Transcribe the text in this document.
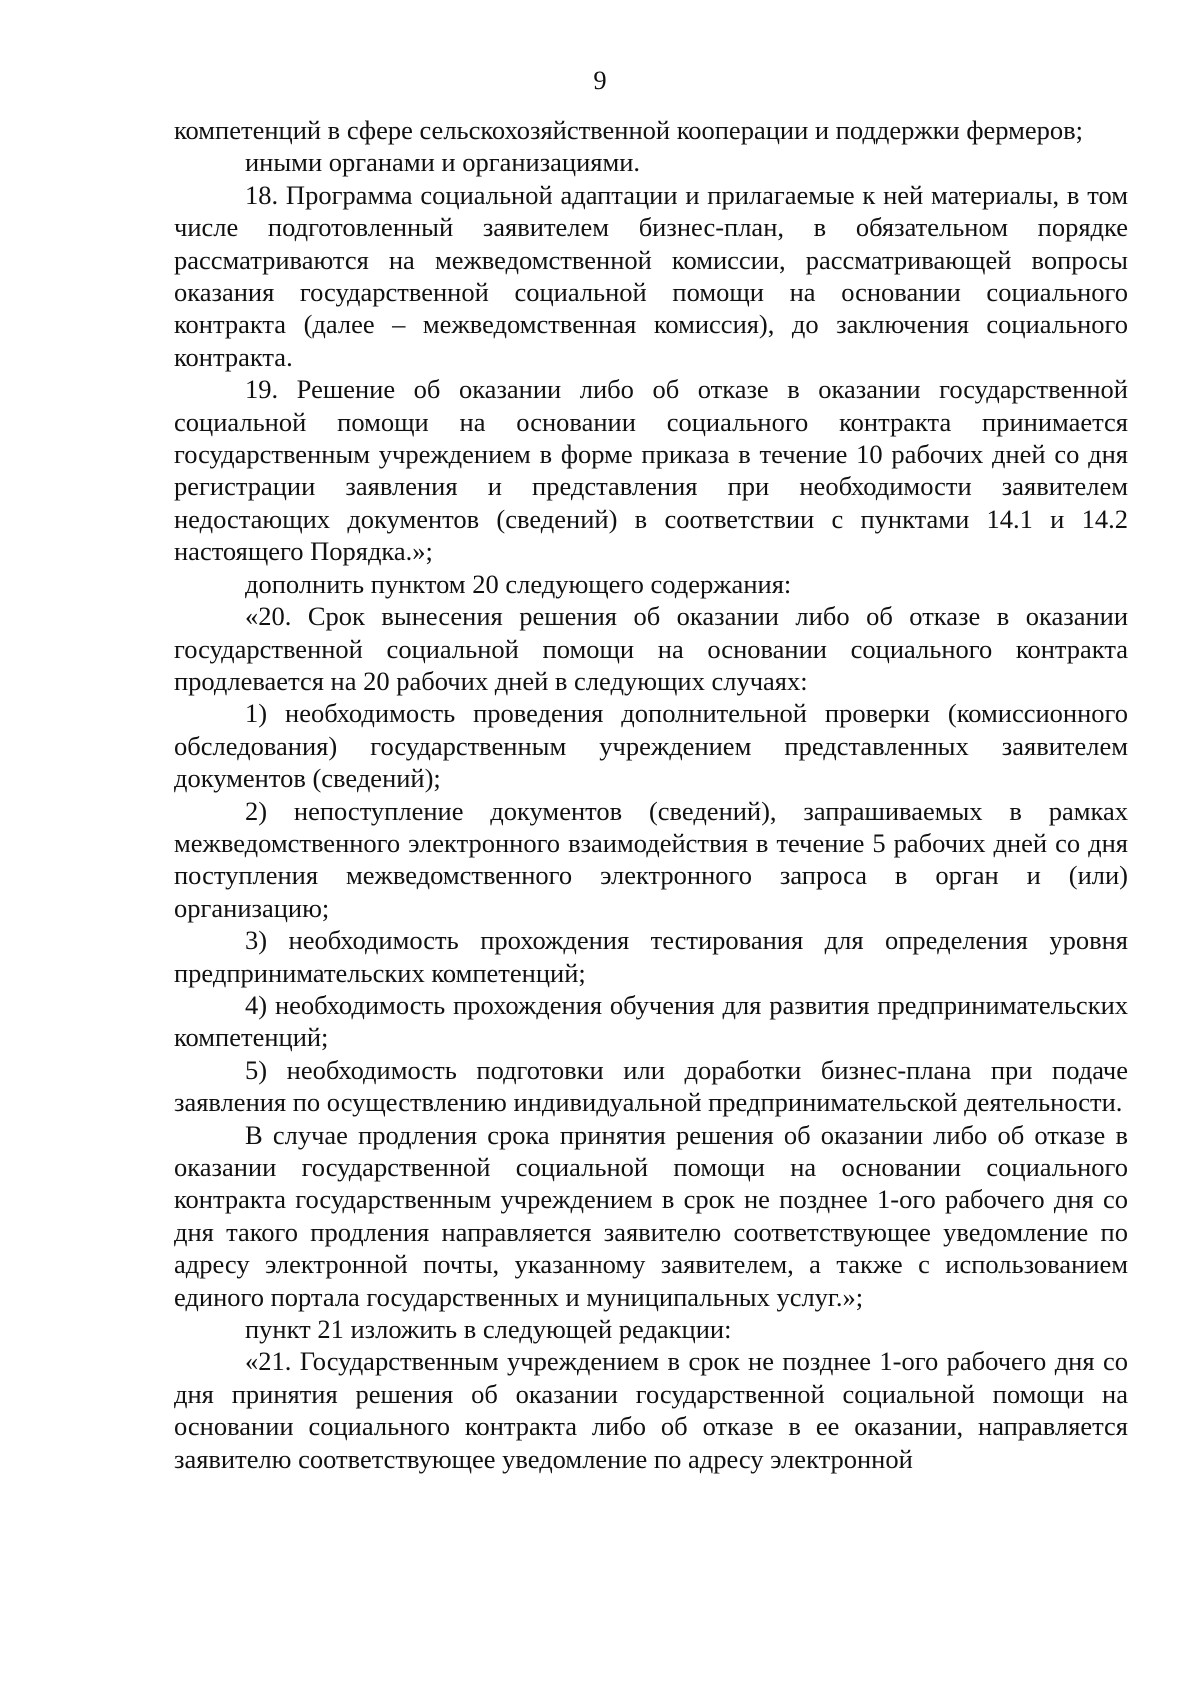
9

компетенций в сфере сельскохозяйственной кооперации и поддержки фермеров;

иными органами и организациями.

18. Программа социальной адаптации и прилагаемые к ней материалы, в том числе подготовленный заявителем бизнес-план, в обязательном порядке рассматриваются на межведомственной комиссии, рассматривающей вопросы оказания государственной социальной помощи на основании социального контракта (далее – межведомственная комиссия), до заключения социального контракта.

19. Решение об оказании либо об отказе в оказании государственной социальной помощи на основании социального контракта принимается государственным учреждением в форме приказа в течение 10 рабочих дней со дня регистрации заявления и представления при необходимости заявителем недостающих документов (сведений) в соответствии с пунктами 14.1 и 14.2 настоящего Порядка.»;

дополнить пунктом 20 следующего содержания:

«20. Срок вынесения решения об оказании либо об отказе в оказании государственной социальной помощи на основании социального контракта продлевается на 20 рабочих дней в следующих случаях:

1) необходимость проведения дополнительной проверки (комиссионного обследования) государственным учреждением представленных заявителем документов (сведений);

2) непоступление документов (сведений), запрашиваемых в рамках межведомственного электронного взаимодействия в течение 5 рабочих дней со дня поступления межведомственного электронного запроса в орган и (или) организацию;

3) необходимость прохождения тестирования для определения уровня предпринимательских компетенций;

4) необходимость прохождения обучения для развития предпринимательских компетенций;

5) необходимость подготовки или доработки бизнес-плана при подаче заявления по осуществлению индивидуальной предпринимательской деятельности.

В случае продления срока принятия решения об оказании либо об отказе в оказании государственной социальной помощи на основании социального контракта государственным учреждением в срок не позднее 1-ого рабочего дня со дня такого продления направляется заявителю соответствующее уведомление по адресу электронной почты, указанному заявителем, а также с использованием единого портала государственных и муниципальных услуг.»;

пункт 21 изложить в следующей редакции:

«21. Государственным учреждением в срок не позднее 1-ого рабочего дня со дня принятия решения об оказании государственной социальной помощи на основании социального контракта либо об отказе в ее оказании, направляется заявителю соответствующее уведомление по адресу электронной
